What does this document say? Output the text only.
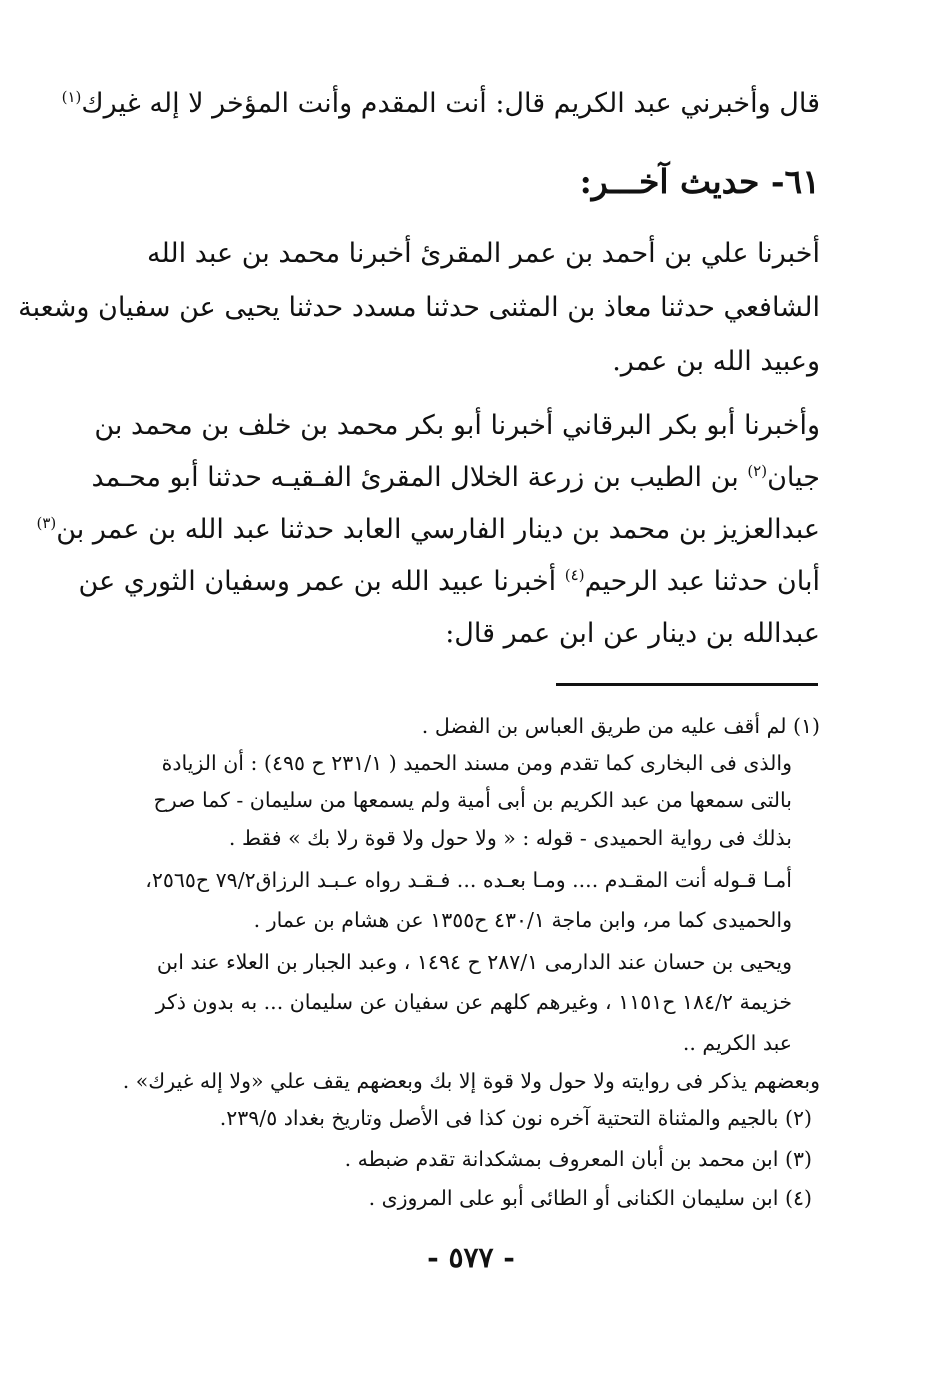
قال وأخبرني عبد الكريم قال: أنت المقدم وأنت المؤخر لا إله غيرك$^{(١)}$
٦١- حديث آخـــر:
أخبرنا علي بن أحمد بن عمر المقرئ أخبرنا محمد بن عبد الله
الشافعي حدثنا معاذ بن المثنى حدثنا مسدد حدثنا يحيى عن سفيان وشعبة
وعبيد الله بن عمر.
وأخبرنا أبو بكر البرقاني أخبرنا أبو بكر محمد بن خلف بن محمد بن
جيان$^{(٢)}$ بن الطيب بن زرعة الخلال المقرئ الفـقيـه حدثنا أبو محـمد
عبدالعزيز بن محمد بن دينار الفارسي العابد حدثنا عبد الله بن عمر بن$^{(٣)}$
أبان حدثنا عبد الرحيم$^{(٤)}$ أخبرنا عبيد الله بن عمر وسفيان الثوري عن
عبدالله بن دينار عن ابن عمر قال:
(١) لم أقف عليه من طريق العباس بن الفضل .
والذى فى البخارى كما تقدم ومن مسند الحميد ( ٢٣١/١ ح ٤٩٥) : أن الزيادة
بالتى سمعها من عبد الكريم بن أبى أمية ولم يسمعها من سليمان - كما صرح
بذلك فى رواية الحميدى - قوله : « ولا حول ولا قوة رلا بك » فقط .
أمـا قـوله أنت المقـدم .... ومـا بعـده ... فـقـد رواه عـبـد الرزاق٧٩/٢ ح٢٥٦٥،
والحميدى كما مر، وابن ماجة ٤٣٠/١ ح١٣٥٥ عن هشام بن عمار .
ويحيى بن حسان عند الدارمى ٢٨٧/١ ح ١٤٩٤ ، وعبد الجبار بن العلاء عند ابن
خزيمة ١٨٤/٢ ح١١٥١ ، وغيرهم كلهم عن سفيان عن سليمان ... به بدون ذكر
عبد الكريم ..
وبعضهم يذكر فى روايته ولا حول ولا قوة إلا بك وبعضهم يقف علي «ولا إله غيرك» .
(٢) بالجيم والمثناة التحتية آخره نون كذا فى الأصل وتاريخ بغداد ٢٣٩/٥.
(٣) ابن محمد بن أبان المعروف بمشكدانة تقدم ضبطه .
(٤) ابن سليمان الكنانى أو الطائى أبو على المروزى .
- ٥٧٧ -
